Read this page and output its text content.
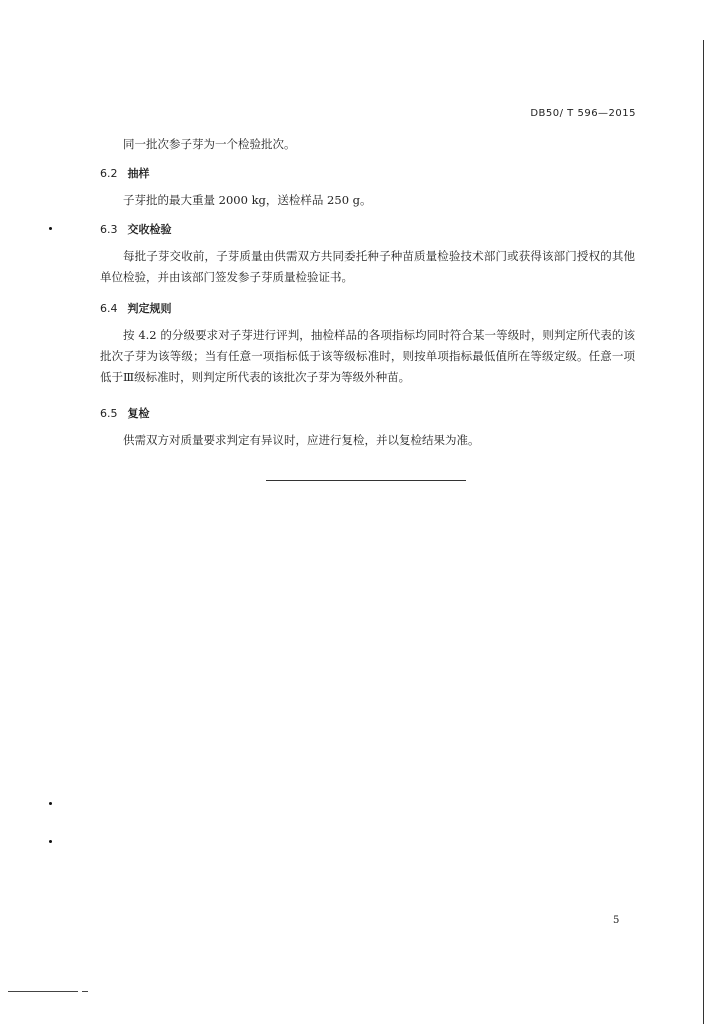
DB50/ T 596—2015
同一批次参子芽为一个检验批次。
6.2 抽样
子芽批的最大重量 2000 kg，送检样品 250 g。
6.3 交收检验
每批子芽交收前，子芽质量由供需双方共同委托种子种苗质量检验技术部门或获得该部门授权的其他单位检验，并由该部门签发参子芽质量检验证书。
6.4 判定规则
按 4.2 的分级要求对子芽进行评判，抽检样品的各项指标均同时符合某一等级时，则判定所代表的该批次子芽为该等级；当有任意一项指标低于该等级标准时，则按单项指标最低值所在等级定级。任意一项低于Ⅲ级标准时，则判定所代表的该批次子芽为等级外种苗。
6.5 复检
供需双方对质量要求判定有异议时，应进行复检，并以复检结果为准。
5
